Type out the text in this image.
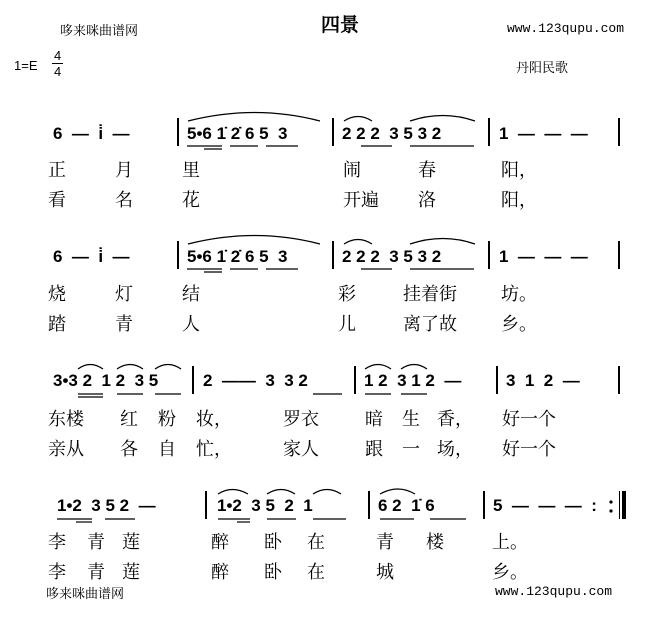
哆来咪曲谱网	四景	www.123qupu.com
$1=E \frac{4}{4}$	丹阳民歌
6  —  i̇  —	5•6 1̇ 2̇ 6 5  3	2 2 2  3 5 3 2	1  —  —  —
正	月	里	闹	春	阳，
看	名	花	开遍 洛	阳，
6  —  i̇  —	5•6 1̇ 2̇ 6 5  3	2 2 2  3 5 3 2	1  —  —  —
烧	灯	结	彩	挂着街 坊。
踏	青	人	儿	离了故 乡。
3•3 2  1 2  3 5	2  ——  3  3 2	1 2  3 1 2  —	3  1  2  —
东楼 红 粉 妆，	罗衣	暗 生 香， 好一个
亲从 各 自 忙，	家人	跟 一 场， 好一个
1•2  3 5 2  —	1•2  3 5  2  1	6 2  1̇ 6	5  —  —  —  :
李 青 莲	醉 卧 在	青 楼	上。
李 青 莲	醉 卧 在	城	乡。
哆来咪曲谱网	www.123qupu.com
